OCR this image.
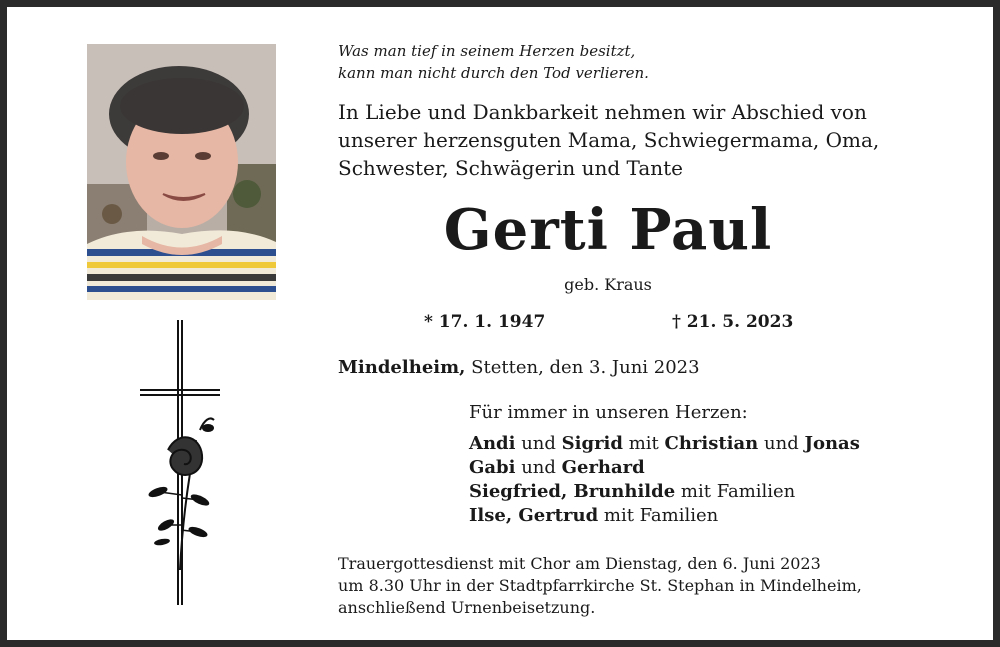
Was man tief in seinem Herzen besitzt,
kann man nicht durch den Tod verlieren.
In Liebe und Dankbarkeit nehmen wir Abschied von
unserer herzensguten Mama, Schwiegermama, Oma,
Schwester, Schwägerin und Tante
Gerti Paul
geb. Kraus
* 17. 1. 1947	† 21. 5. 2023
Mindelheim, Stetten, den 3. Juni 2023
Für immer in unseren Herzen:
Andi und Sigrid mit Christian und Jonas
Gabi und Gerhard
Siegfried, Brunhilde mit Familien
Ilse, Gertrud mit Familien
Trauergottesdienst mit Chor am Dienstag, den 6. Juni 2023
um 8.30 Uhr in der Stadtpfarrkirche St. Stephan in Mindelheim,
anschließend Urnenbeisetzung.
